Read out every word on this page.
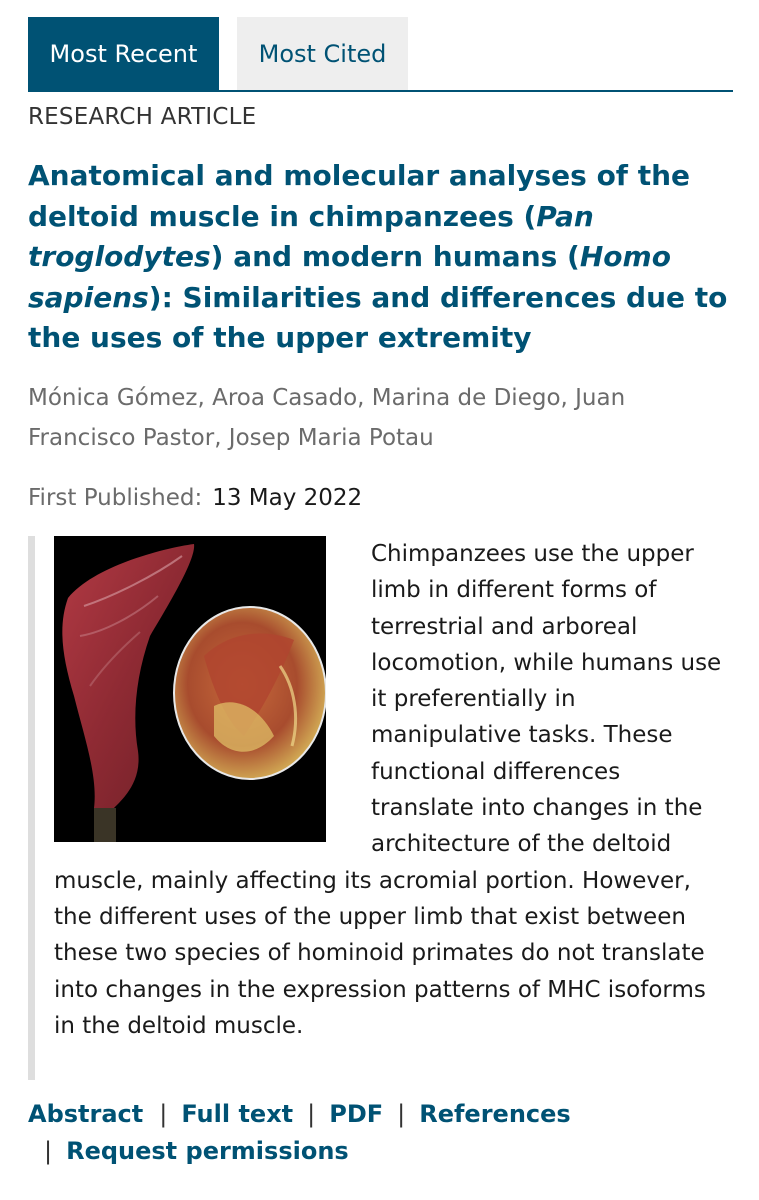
Most Recent	Most Cited
RESEARCH ARTICLE
Anatomical and molecular analyses of the deltoid muscle in chimpanzees (Pan troglodytes) and modern humans (Homo sapiens): Similarities and differences due to the uses of the upper extremity
Mónica Gómez, Aroa Casado, Marina de Diego, Juan Francisco Pastor, Josep Maria Potau
First Published: 13 May 2022
Chimpanzees use the upper limb in different forms of terrestrial and arboreal locomotion, while humans use it preferentially in manipulative tasks. These functional differences translate into changes in the architecture of the deltoid muscle, mainly affecting its acromial portion. However, the different uses of the upper limb that exist between these two species of hominoid primates do not translate into changes in the expression patterns of MHC isoforms in the deltoid muscle.
Abstract | Full text | PDF | References
| Request permissions
